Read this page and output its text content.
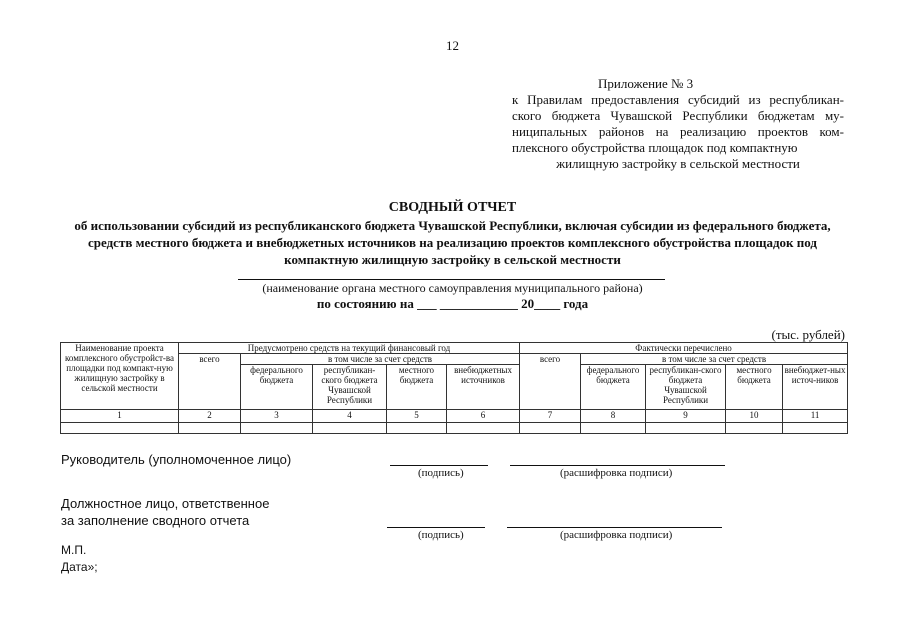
12
Приложение № 3
к Правилам предоставления субсидий из республикан-ского бюджета Чувашской Республики бюджетам му-ниципальных районов на реализацию проектов ком-плексного обустройства площадок под компактную
жилищную застройку в сельской местности
СВОДНЫЙ ОТЧЕТ
об использовании субсидий из республиканского бюджета Чувашской Республики, включая субсидии из федерального бюджета, средств местного бюджета и внебюджетных источников на реализацию проектов комплексного обустройства площадок под компактную жилищную застройку в сельской местности
(наименование органа местного самоуправления муниципального района)
по состоянию на ___ ____________ 20____ года
(тыс. рублей)
Наименование проекта комплексного обустройст-ва площадки под компакт-ную жилищную застройку в сельской местности	Предусмотрено средств на текущий финансовый год					Фактически перечислено				
	всего	в том числе за счет средств				всего	в том числе за счет средств			
		федерального бюджета	республикан-ского бюджета Чувашской Республики	местного бюджета	внебюджетных источников		федерального бюджета	республикан-ского бюджета Чувашской Республики	местного бюджета	внебюджет-ных источ-ников
1	2	3	4	5	6	7	8	9	10	11

Руководитель (уполномоченное лицо)
(подпись)	(расшифровка подписи)
Должностное лицо, ответственное
за заполнение сводного отчета
(подпись)	(расшифровка подписи)
М.П.
Дата»;
